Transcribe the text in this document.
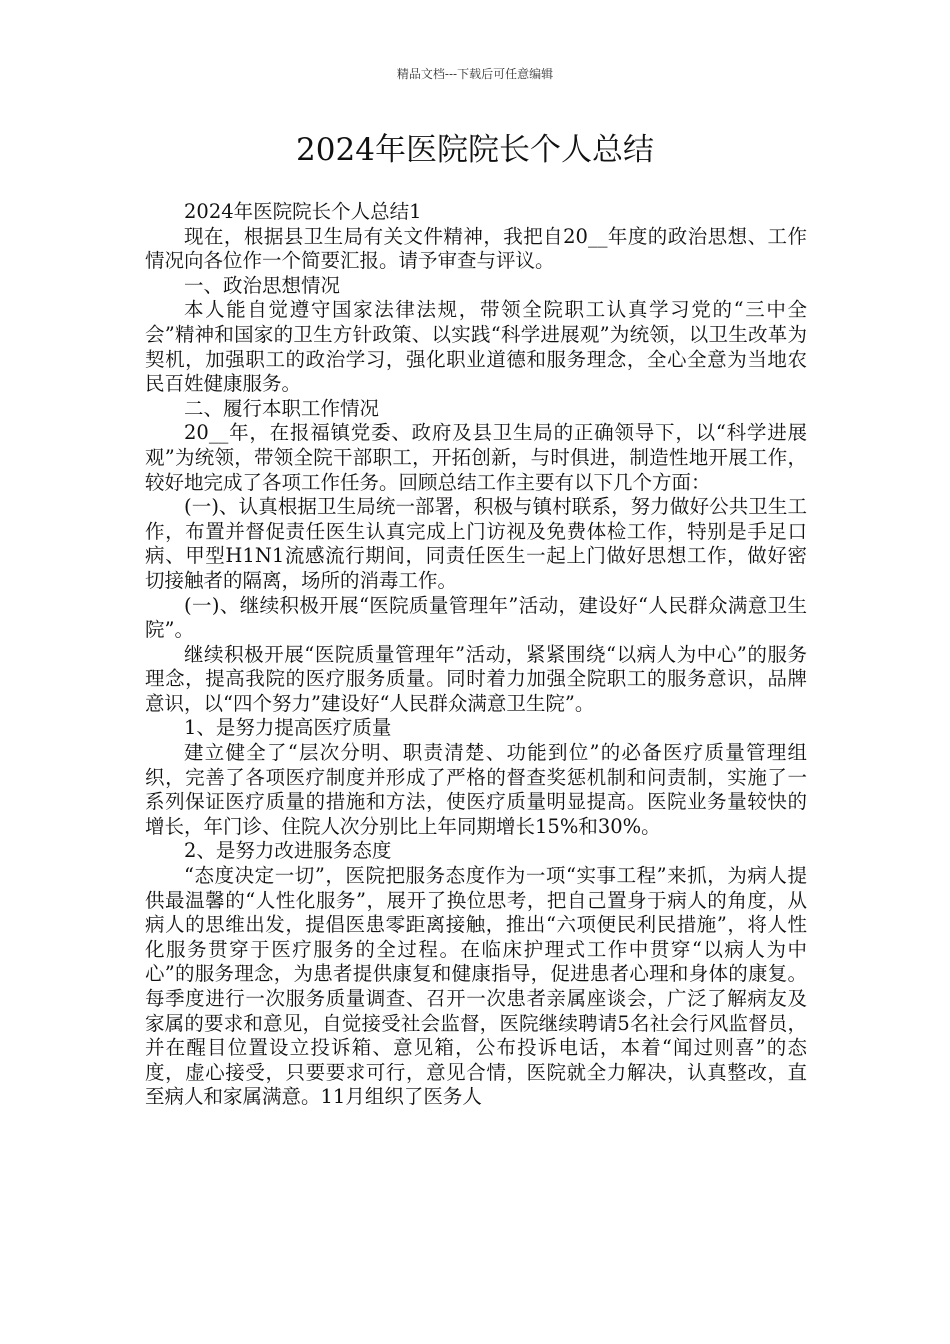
精品文档---下载后可任意编辑
2024年医院院长个人总结

2024年医院院长个人总结1

现在，根据县卫生局有关文件精神，我把自20__年度的政治思想、工作情况向各位作一个简要汇报。请予审查与评议。

一、政治思想情况

本人能自觉遵守国家法律法规，带领全院职工认真学习党的“三中全会”精神和国家的卫生方针政策、以实践“科学进展观”为统领，以卫生改革为契机，加强职工的政治学习，强化职业道德和服务理念，全心全意为当地农民百姓健康服务。

二、履行本职工作情况

20__年，在报福镇党委、政府及县卫生局的正确领导下，以“科学进展观”为统领，带领全院干部职工，开拓创新，与时俱进，制造性地开展工作，较好地完成了各项工作任务。回顾总结工作主要有以下几个方面：

(一)、认真根据卫生局统一部署，积极与镇村联系，努力做好公共卫生工作，布置并督促责任医生认真完成上门访视及免费体检工作，特别是手足口病、甲型H1N1流感流行期间，同责任医生一起上门做好思想工作，做好密切接触者的隔离，场所的消毒工作。

(一)、继续积极开展“医院质量管理年”活动，建设好“人民群众满意卫生院”。

继续积极开展“医院质量管理年”活动，紧紧围绕“以病人为中心”的服务理念，提高我院的医疗服务质量。同时着力加强全院职工的服务意识，品牌意识，以“四个努力”建设好“人民群众满意卫生院”。

1、是努力提高医疗质量

建立健全了“层次分明、职责清楚、功能到位”的必备医疗质量管理组织，完善了各项医疗制度并形成了严格的督查奖惩机制和问责制，实施了一系列保证医疗质量的措施和方法，使医疗质量明显提高。医院业务量较快的增长，年门诊、住院人次分别比上年同期增长15%和30%。

2、是努力改进服务态度

“态度决定一切”，医院把服务态度作为一项“实事工程”来抓，为病人提供最温馨的“人性化服务”，展开了换位思考，把自己置身于病人的角度，从病人的思维出发，提倡医患零距离接触，推出“六项便民利民措施”，将人性化服务贯穿于医疗服务的全过程。在临床护理式工作中贯穿“以病人为中心”的服务理念，为患者提供康复和健康指导，促进患者心理和身体的康复。每季度进行一次服务质量调查、召开一次患者亲属座谈会，广泛了解病友及家属的要求和意见，自觉接受社会监督，医院继续聘请5名社会行风监督员，并在醒目位置设立投诉箱、意见箱，公布投诉电话，本着“闻过则喜”的态度，虚心接受，只要要求可行，意见合情，医院就全力解决，认真整改，直至病人和家属满意。11月组织了医务人
